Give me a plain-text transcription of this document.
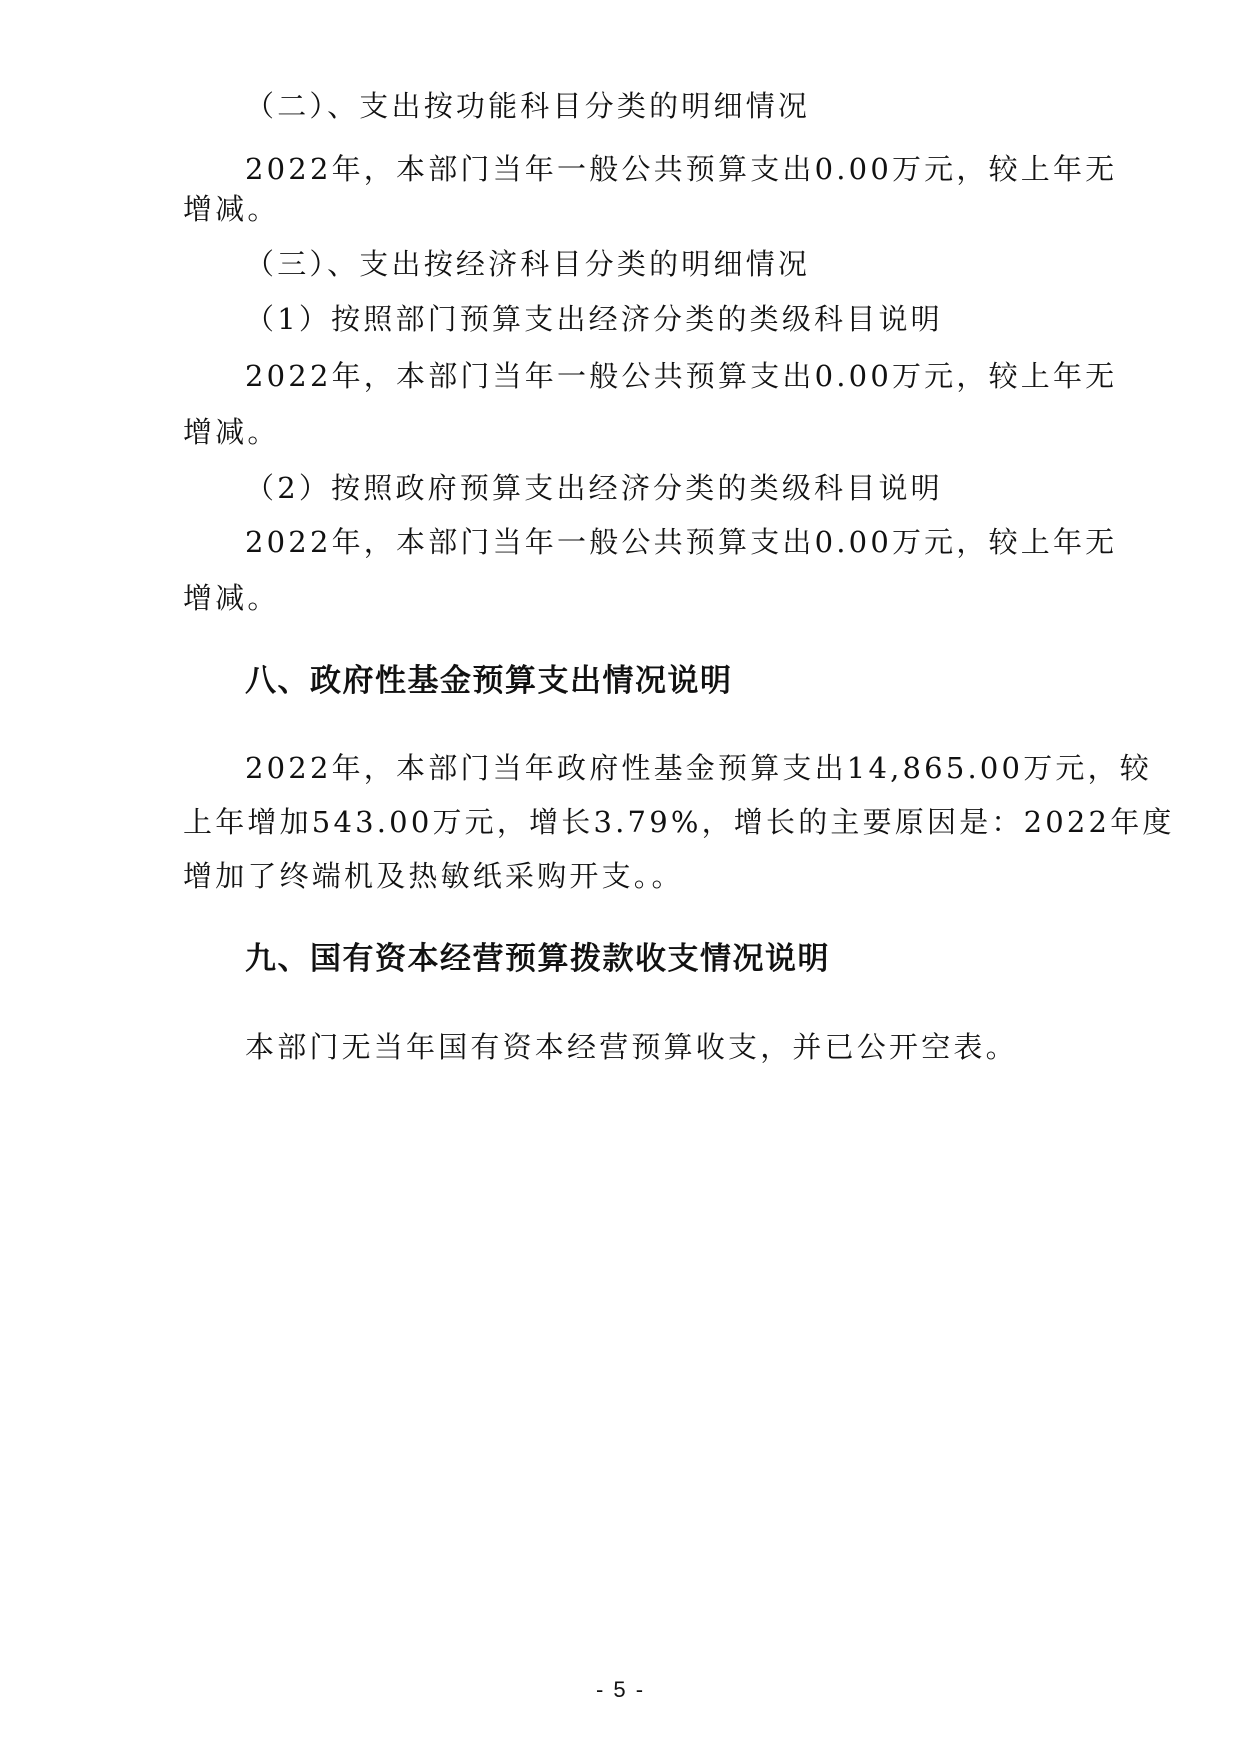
（二）、支出按功能科目分类的明细情况
2022年，本部门当年一般公共预算支出0.00万元，较上年无
增减。
（三）、支出按经济科目分类的明细情况
（1）按照部门预算支出经济分类的类级科目说明
2022年，本部门当年一般公共预算支出0.00万元，较上年无
增减。
（2）按照政府预算支出经济分类的类级科目说明
2022年，本部门当年一般公共预算支出0.00万元，较上年无
增减。
八、政府性基金预算支出情况说明
2022年，本部门当年政府性基金预算支出14,865.00万元，较
上年增加543.00万元，增长3.79%，增长的主要原因是：2022年度
增加了终端机及热敏纸采购开支。。
九、国有资本经营预算拨款收支情况说明
本部门无当年国有资本经营预算收支，并已公开空表。
- 5 -
